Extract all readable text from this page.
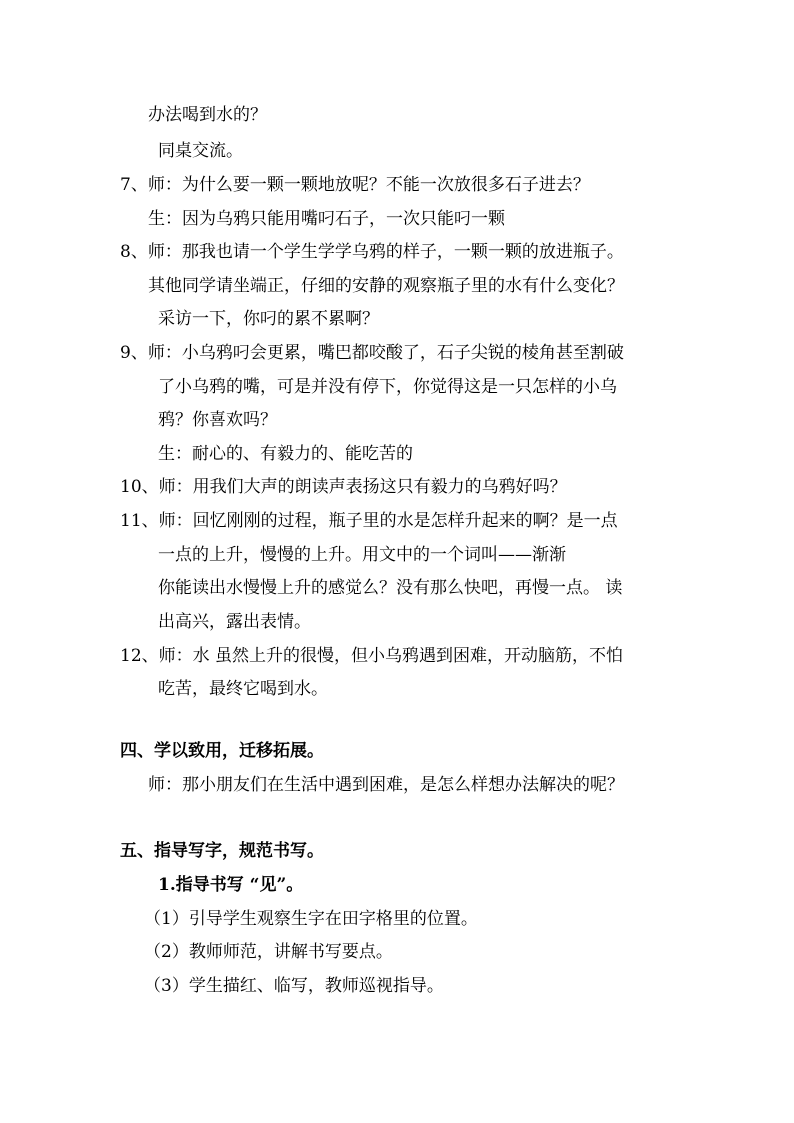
办法喝到水的？
同桌交流。
7、师：为什么要一颗一颗地放呢？不能一次放很多石子进去？
生：因为乌鸦只能用嘴叼石子，一次只能叼一颗
8、师：那我也请一个学生学学乌鸦的样子，一颗一颗的放进瓶子。
其他同学请坐端正，仔细的安静的观察瓶子里的水有什么变化？
采访一下，你叼的累不累啊？
9、师：小乌鸦叼会更累，嘴巴都咬酸了，石子尖锐的棱角甚至割破
了小乌鸦的嘴，可是并没有停下，你觉得这是一只怎样的小乌
鸦？你喜欢吗？
生：耐心的、有毅力的、能吃苦的
10、师：用我们大声的朗读声表扬这只有毅力的乌鸦好吗？
11、师：回忆刚刚的过程，瓶子里的水是怎样升起来的啊？是一点
一点的上升，慢慢的上升。用文中的一个词叫——渐渐
你能读出水慢慢上升的感觉么？没有那么快吧，再慢一点。 读
出高兴，露出表情。
12、师：水 虽然上升的很慢，但小乌鸦遇到困难，开动脑筋，不怕
吃苦，最终它喝到水。
四、学以致用，迁移拓展。
师：那小朋友们在生活中遇到困难，是怎么样想办法解决的呢？
五、指导写字，规范书写。
1.指导书写 “见”。
（1）引导学生观察生字在田字格里的位置。
（2）教师师范，讲解书写要点。
（3）学生描红、临写，教师巡视指导。
